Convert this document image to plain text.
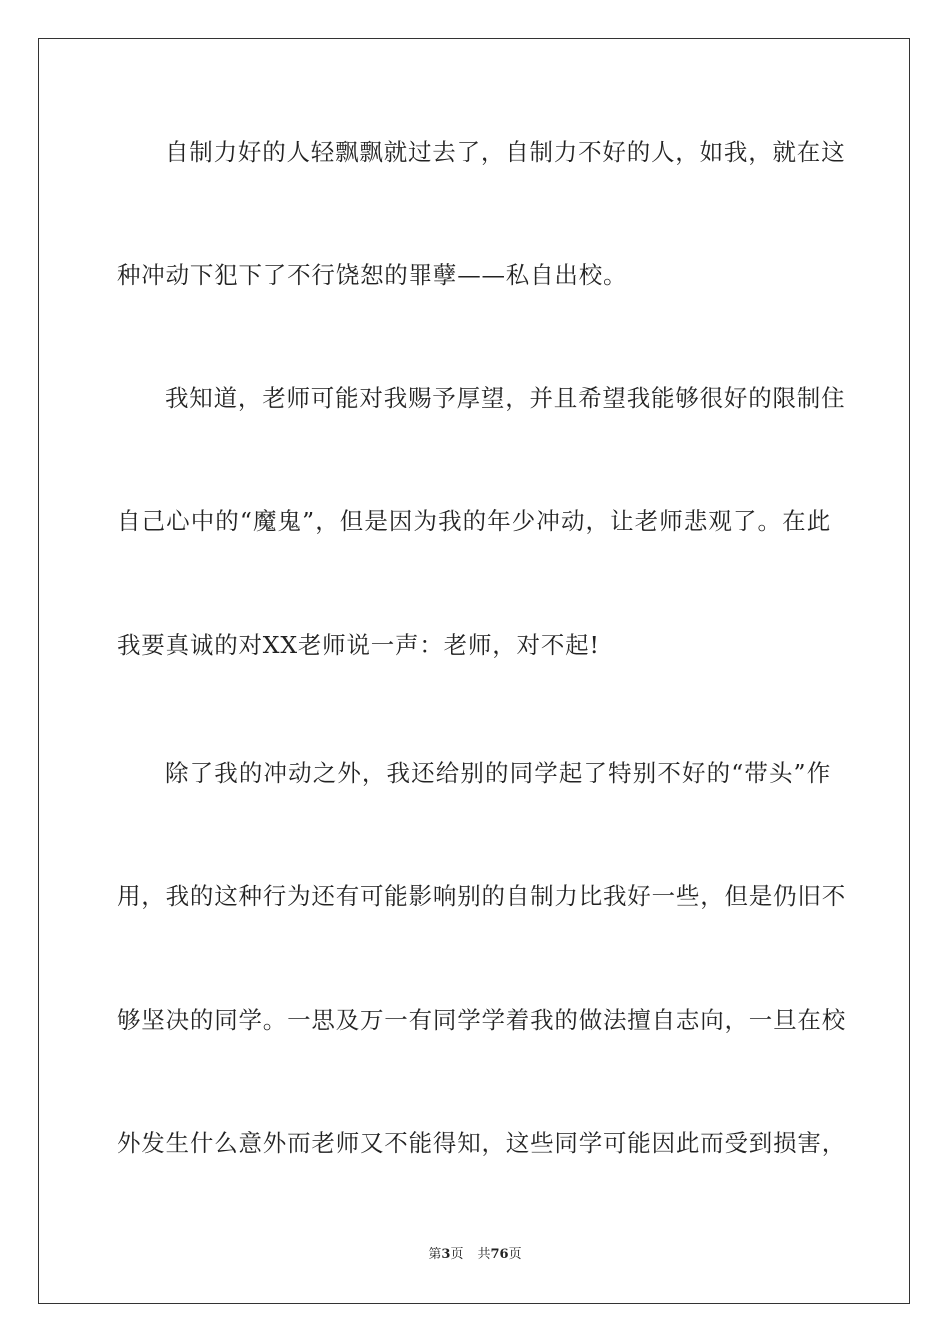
自制力好的人轻飘飘就过去了，自制力不好的人，如我，就在这
种冲动下犯下了不行饶恕的罪孽——私自出校。
我知道，老师可能对我赐予厚望，并且希望我能够很好的限制住
自己心中的“魔鬼”，但是因为我的年少冲动，让老师悲观了。在此
我要真诚的对XX老师说一声：老师，对不起!
除了我的冲动之外，我还给别的同学起了特别不好的“带头”作
用，我的这种行为还有可能影响别的自制力比我好一些，但是仍旧不
够坚决的同学。一思及万一有同学学着我的做法擅自志向，一旦在校
外发生什么意外而老师又不能得知，这些同学可能因此而受到损害，
第3页 共76页
